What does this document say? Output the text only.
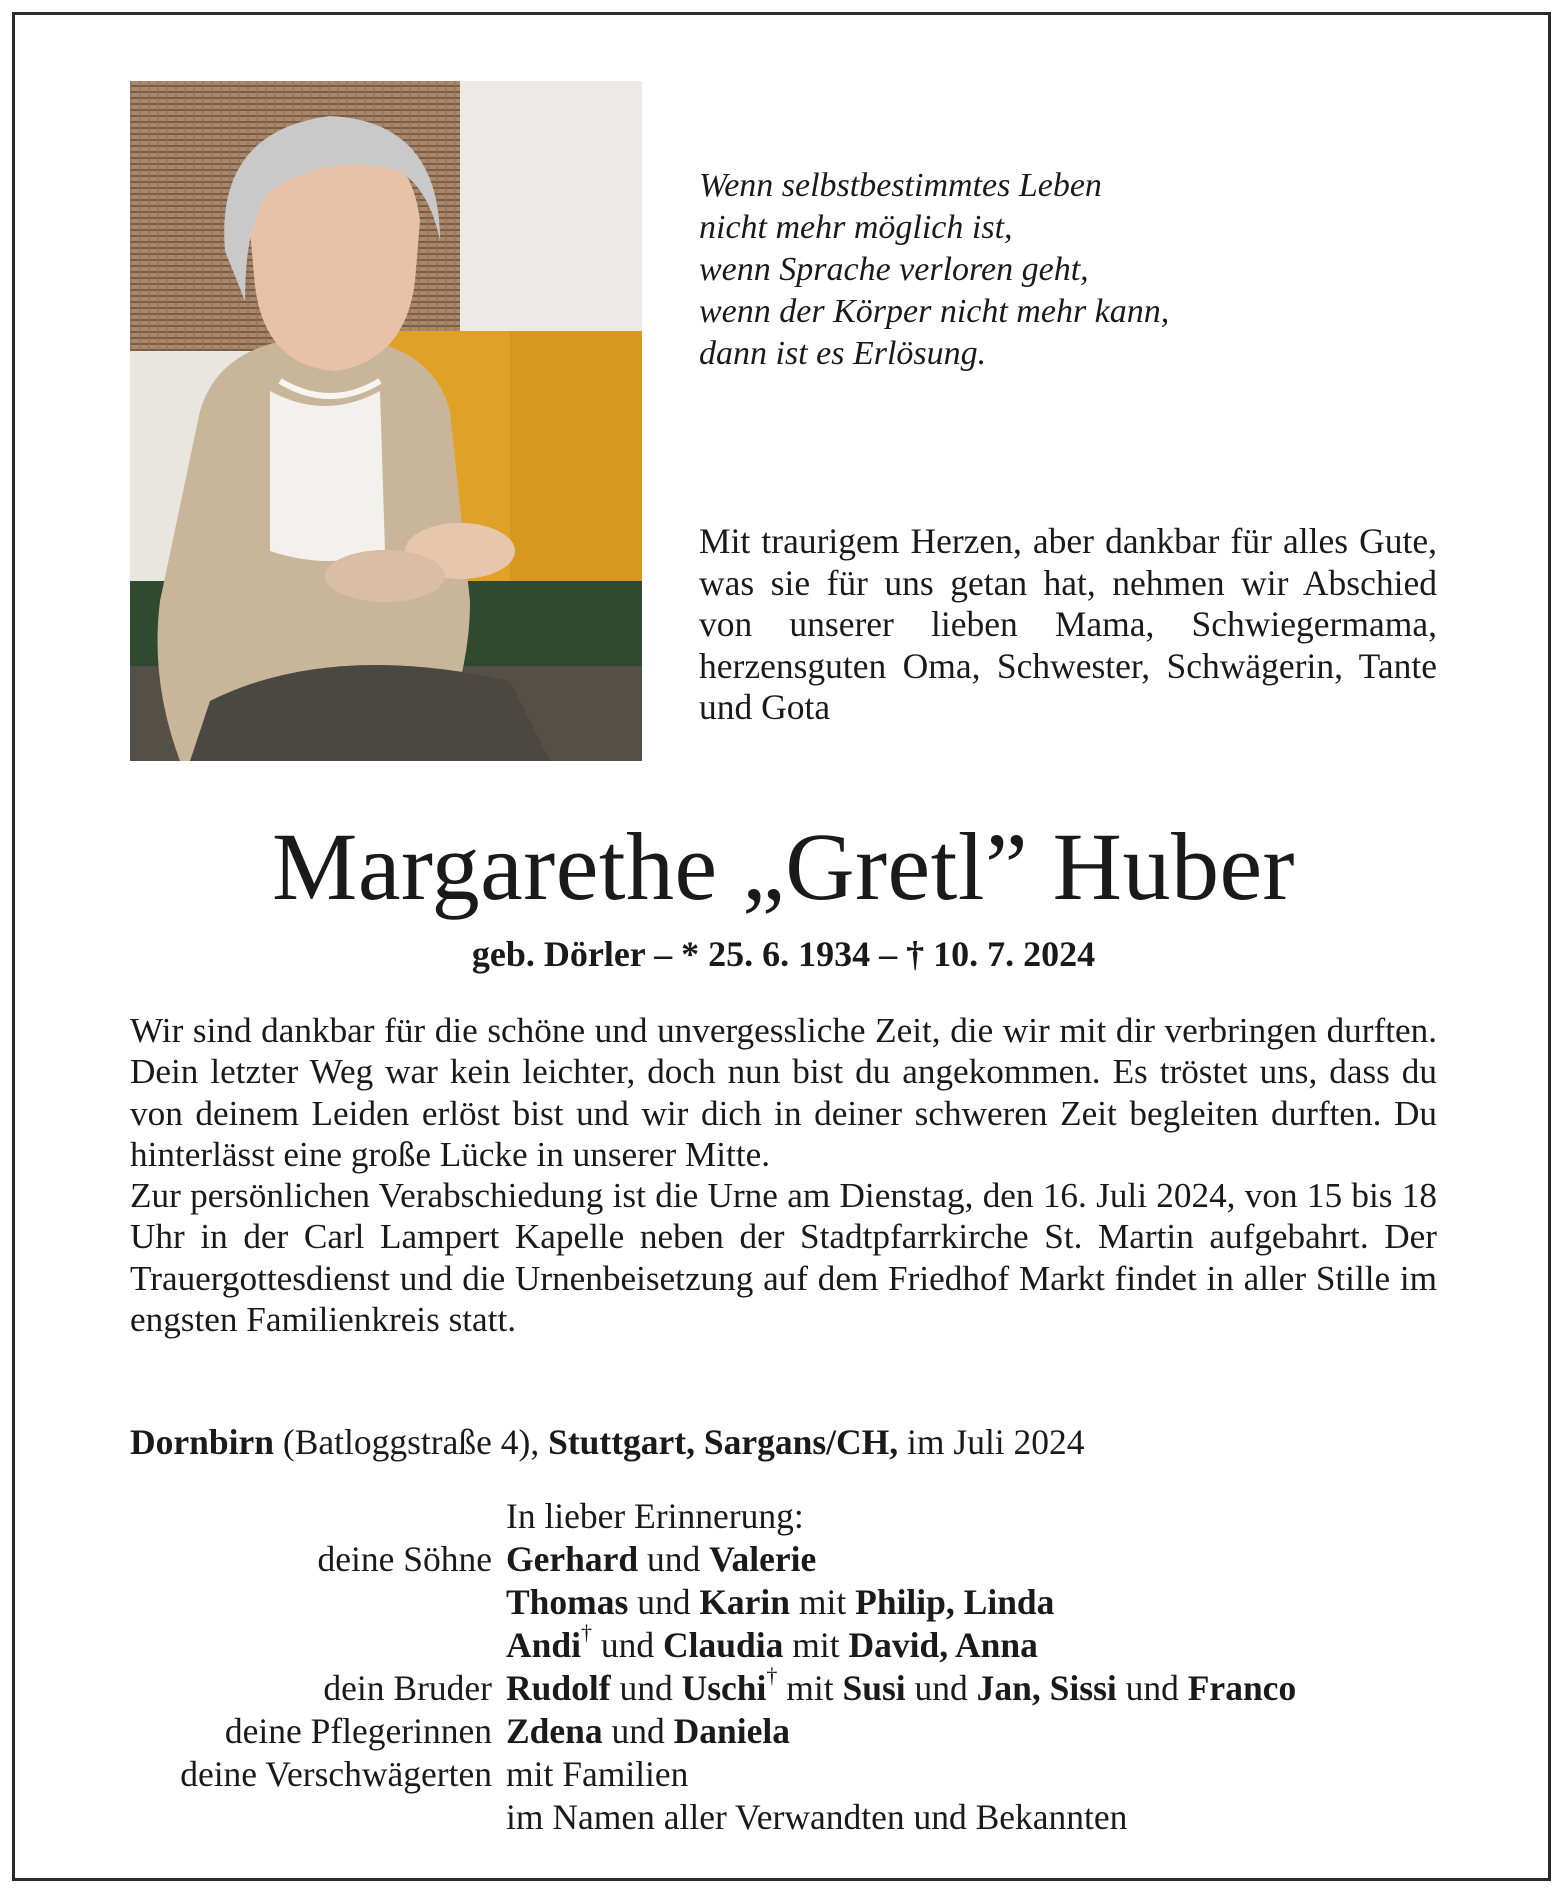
Wenn selbstbestimmtes Leben
nicht mehr möglich ist,
wenn Sprache verloren geht,
wenn der Körper nicht mehr kann,
dann ist es Erlösung.
Mit traurigem Herzen, aber dankbar für alles Gute, was sie für uns getan hat, nehmen wir Abschied von unserer lieben Mama, Schwiegermama, herzensguten Oma, Schwester, Schwägerin, Tante und Gota
Margarethe „Gretl” Huber
geb. Dörler – * 25. 6. 1934 – † 10. 7. 2024

Wir sind dankbar für die schöne und unvergessliche Zeit, die wir mit dir verbringen durften. Dein letzter Weg war kein leichter, doch nun bist du angekommen. Es tröstet uns, dass du von deinem Leiden erlöst bist und wir dich in deiner schweren Zeit begleiten durften. Du hinterlässt eine große Lücke in unserer Mitte.

Zur persönlichen Verabschiedung ist die Urne am Dienstag, den 16. Juli 2024, von 15 bis 18 Uhr in der Carl Lampert Kapelle neben der Stadtpfarrkirche St. Martin aufgebahrt. Der Trauergottesdienst und die Urnenbeisetzung auf dem Friedhof Markt findet in aller Stille im engsten Familienkreis statt.

Dornbirn (Batloggstraße 4), Stuttgart, Sargans/CH, im Juli 2024
In lieber Erinnerung:
deine Söhne Gerhard und Valerie
Thomas und Karin mit Philip, Linda
Andi† und Claudia mit David, Anna
dein Bruder Rudolf und Uschi† mit Susi und Jan, Sissi und Franco
deine Pflegerinnen Zdena und Daniela
deine Verschwägerten mit Familien
im Namen aller Verwandten und Bekannten
